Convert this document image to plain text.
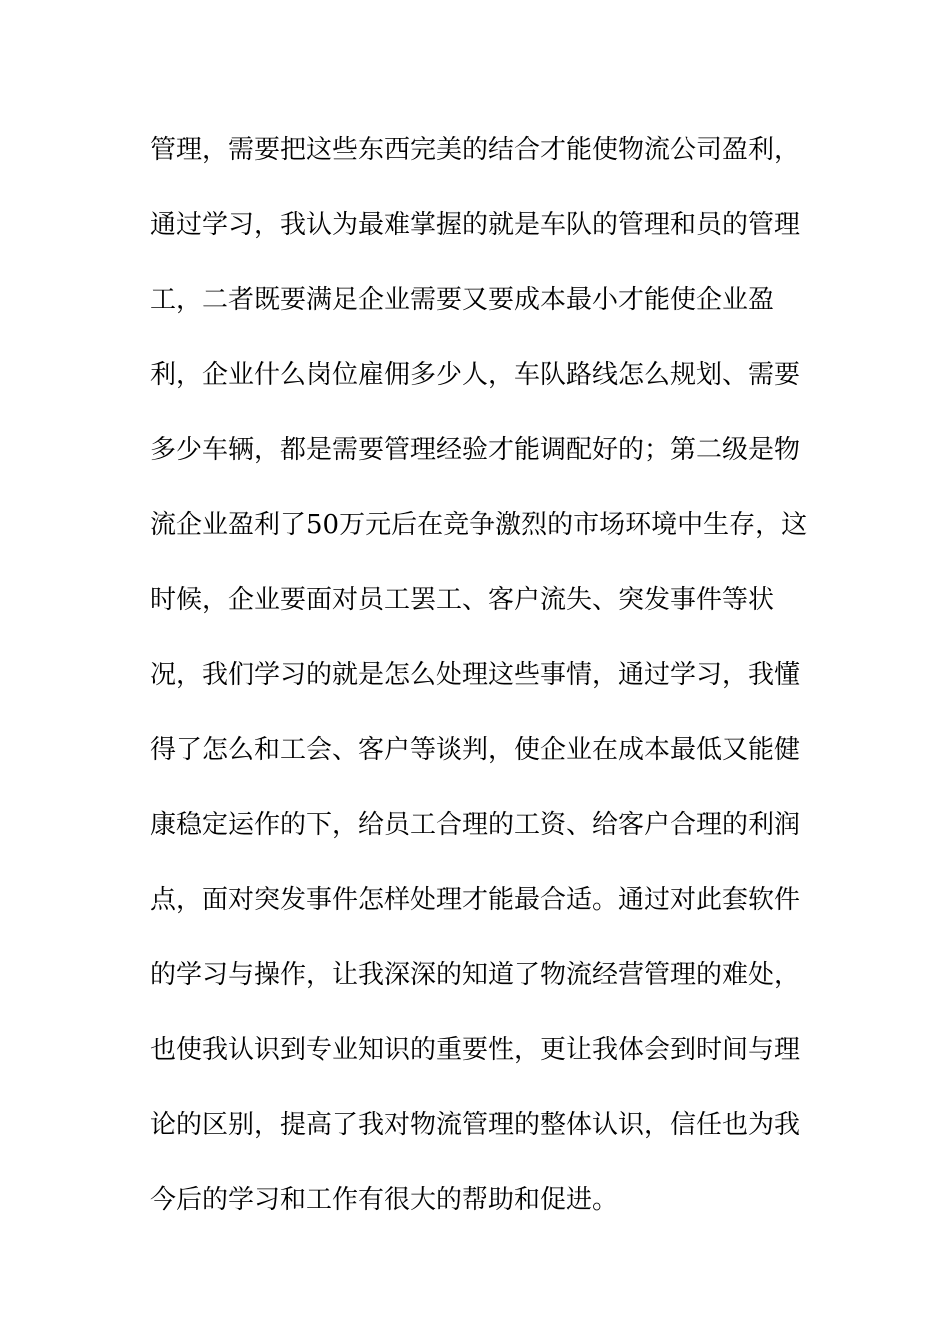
管理，需要把这些东西完美的结合才能使物流公司盈利，
通过学习，我认为最难掌握的就是车队的管理和员的管理
工，二者既要满足企业需要又要成本最小才能使企业盈
利，企业什么岗位雇佣多少人，车队路线怎么规划、需要
多少车辆，都是需要管理经验才能调配好的；第二级是物
流企业盈利了50万元后在竞争激烈的市场环境中生存，这
时候，企业要面对员工罢工、客户流失、突发事件等状
况，我们学习的就是怎么处理这些事情，通过学习，我懂
得了怎么和工会、客户等谈判，使企业在成本最低又能健
康稳定运作的下，给员工合理的工资、给客户合理的利润
点，面对突发事件怎样处理才能最合适。通过对此套软件
的学习与操作，让我深深的知道了物流经营管理的难处，
也使我认识到专业知识的重要性，更让我体会到时间与理
论的区别，提高了我对物流管理的整体认识，信任也为我
今后的学习和工作有很大的帮助和促进。
